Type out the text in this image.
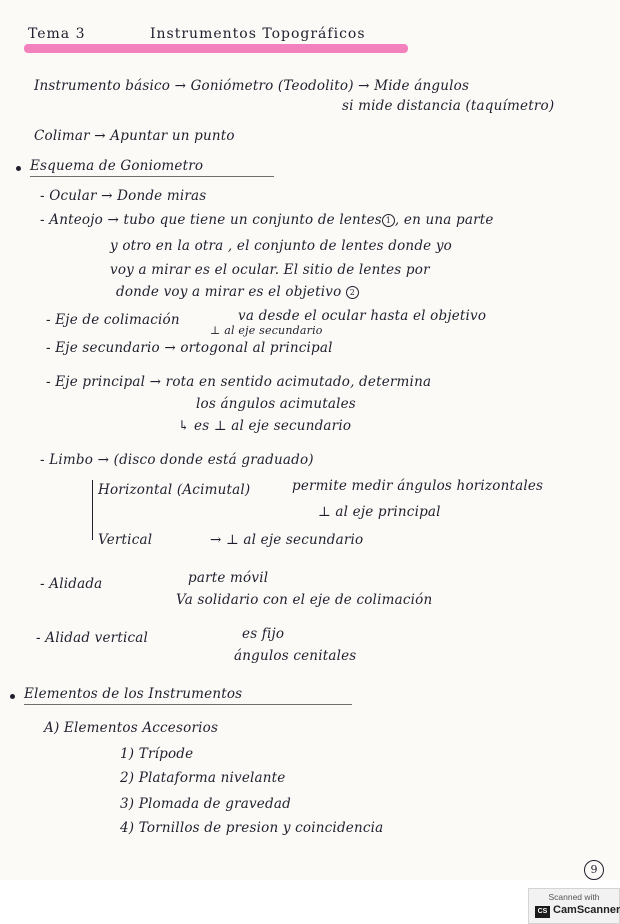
Tema 3	Instrumentos Topográficos
Instrumento básico → Goniómetro (Teodolito) → Mide ángulos
si mide distancia (taquímetro)
Colimar → Apuntar un punto
Esquema de Goniometro
- Ocular → Donde miras
- Anteojo → tubo que tiene un conjunto de lentes 1 , en una parte
y otro en la otra , el conjunto de lentes donde yo
voy a mirar es el ocular. El sitio de lentes por
donde voy a mirar es el objetivo 2
- Eje de colimación	va desde el ocular hasta el objetivo
⊥ al eje secundario
- Eje secundario → ortogonal al principal
- Eje principal → rota en sentido acimutado, determina
los ángulos acimutales
↳ es ⊥ al eje secundario
- Limbo → (disco donde está graduado)
Horizontal (Acimutal)	permite medir ángulos horizontales
⊥ al eje principal
Vertical	→ ⊥ al eje secundario
- Alidada	parte móvil
Va solidario con el eje de colimación
- Alidad vertical	es fijo
ángulos cenitales
Elementos de los Instrumentos
A) Elementos Accesorios
1) Trípode
2) Plataforma nivelante
3) Plomada de gravedad
4) Tornillos de presion y coincidencia
9
Scanned with
CS CamScanner
